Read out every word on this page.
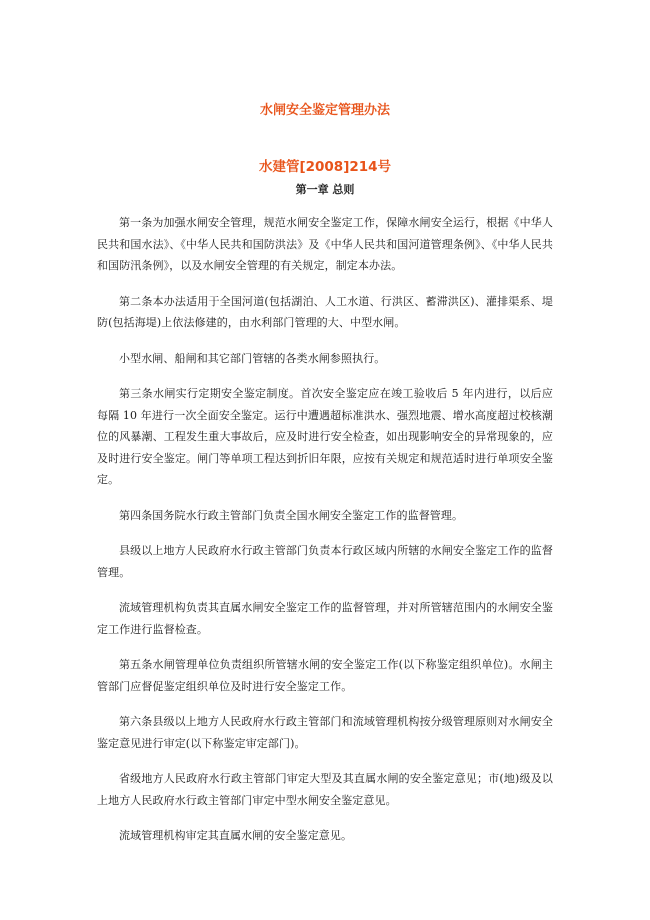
水闸安全鉴定管理办法
水建管[2008]214号
第一章 总则

第一条为加强水闸安全管理，规范水闸安全鉴定工作，保障水闸安全运行，根据《中华人民共和国水法》、《中华人民共和国防洪法》及《中华人民共和国河道管理条例》、《中华人民共和国防汛条例》，以及水闸安全管理的有关规定，制定本办法。

第二条本办法适用于全国河道(包括湖泊、人工水道、行洪区、蓄滞洪区)、灌排渠系、堤防(包括海堤)上依法修建的，由水利部门管理的大、中型水闸。

小型水闸、船闸和其它部门管辖的各类水闸参照执行。

第三条水闸实行定期安全鉴定制度。首次安全鉴定应在竣工验收后 5 年内进行，以后应每隔 10 年进行一次全面安全鉴定。运行中遭遇超标准洪水、强烈地震、增水高度超过校核潮位的风暴潮、工程发生重大事故后，应及时进行安全检查，如出现影响安全的异常现象的，应及时进行安全鉴定。闸门等单项工程达到折旧年限，应按有关规定和规范适时进行单项安全鉴定。

第四条国务院水行政主管部门负责全国水闸安全鉴定工作的监督管理。

县级以上地方人民政府水行政主管部门负责本行政区域内所辖的水闸安全鉴定工作的监督管理。

流域管理机构负责其直属水闸安全鉴定工作的监督管理，并对所管辖范围内的水闸安全鉴定工作进行监督检查。

第五条水闸管理单位负责组织所管辖水闸的安全鉴定工作(以下称鉴定组织单位)。水闸主管部门应督促鉴定组织单位及时进行安全鉴定工作。

第六条县级以上地方人民政府水行政主管部门和流域管理机构按分级管理原则对水闸安全鉴定意见进行审定(以下称鉴定审定部门)。

省级地方人民政府水行政主管部门审定大型及其直属水闸的安全鉴定意见；市(地)级及以上地方人民政府水行政主管部门审定中型水闸安全鉴定意见。

流域管理机构审定其直属水闸的安全鉴定意见。
